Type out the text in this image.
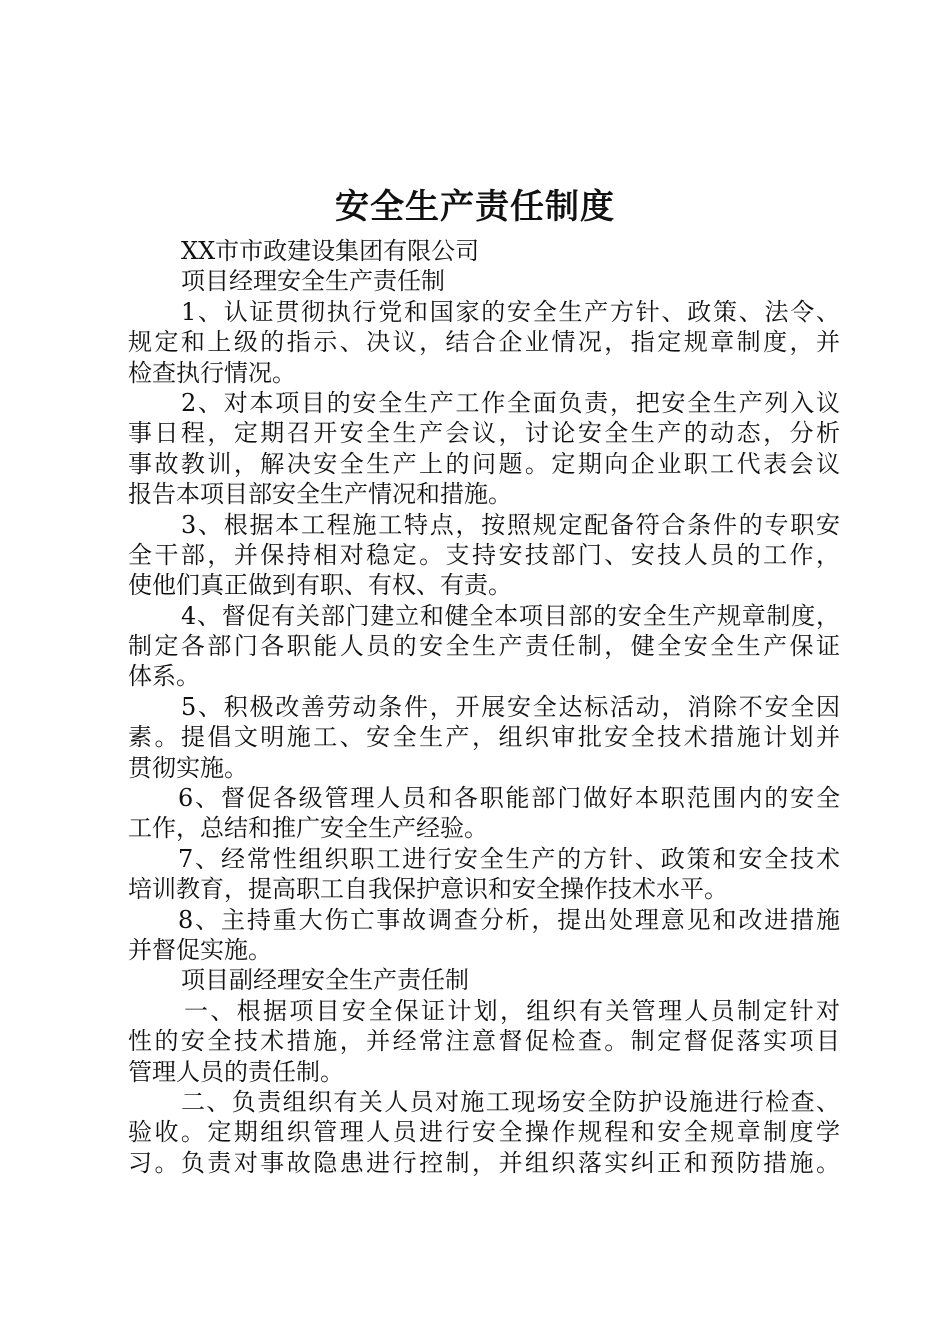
安全生产责任制度
XX市市政建设集团有限公司
项目经理安全生产责任制
1、认证贯彻执行党和国家的安全生产方针、政策、法令、
规定和上级的指示、决议，结合企业情况，指定规章制度，并
检查执行情况。
2、对本项目的安全生产工作全面负责，把安全生产列入议
事日程，定期召开安全生产会议，讨论安全生产的动态，分析
事故教训，解决安全生产上的问题。定期向企业职工代表会议
报告本项目部安全生产情况和措施。
3、根据本工程施工特点，按照规定配备符合条件的专职安
全干部，并保持相对稳定。支持安技部门、安技人员的工作，
使他们真正做到有职、有权、有责。
4、督促有关部门建立和健全本项目部的安全生产规章制度，
制定各部门各职能人员的安全生产责任制，健全安全生产保证
体系。
5、积极改善劳动条件，开展安全达标活动，消除不安全因
素。提倡文明施工、安全生产，组织审批安全技术措施计划并
贯彻实施。
6、督促各级管理人员和各职能部门做好本职范围内的安全
工作，总结和推广安全生产经验。
7、经常性组织职工进行安全生产的方针、政策和安全技术
培训教育，提高职工自我保护意识和安全操作技术水平。
8、主持重大伤亡事故调查分析，提出处理意见和改进措施
并督促实施。
项目副经理安全生产责任制
一、根据项目安全保证计划，组织有关管理人员制定针对
性的安全技术措施，并经常注意督促检查。制定督促落实项目
管理人员的责任制。
二、负责组织有关人员对施工现场安全防护设施进行检查、
验收。定期组织管理人员进行安全操作规程和安全规章制度学
习。负责对事故隐患进行控制，并组织落实纠正和预防措施。
